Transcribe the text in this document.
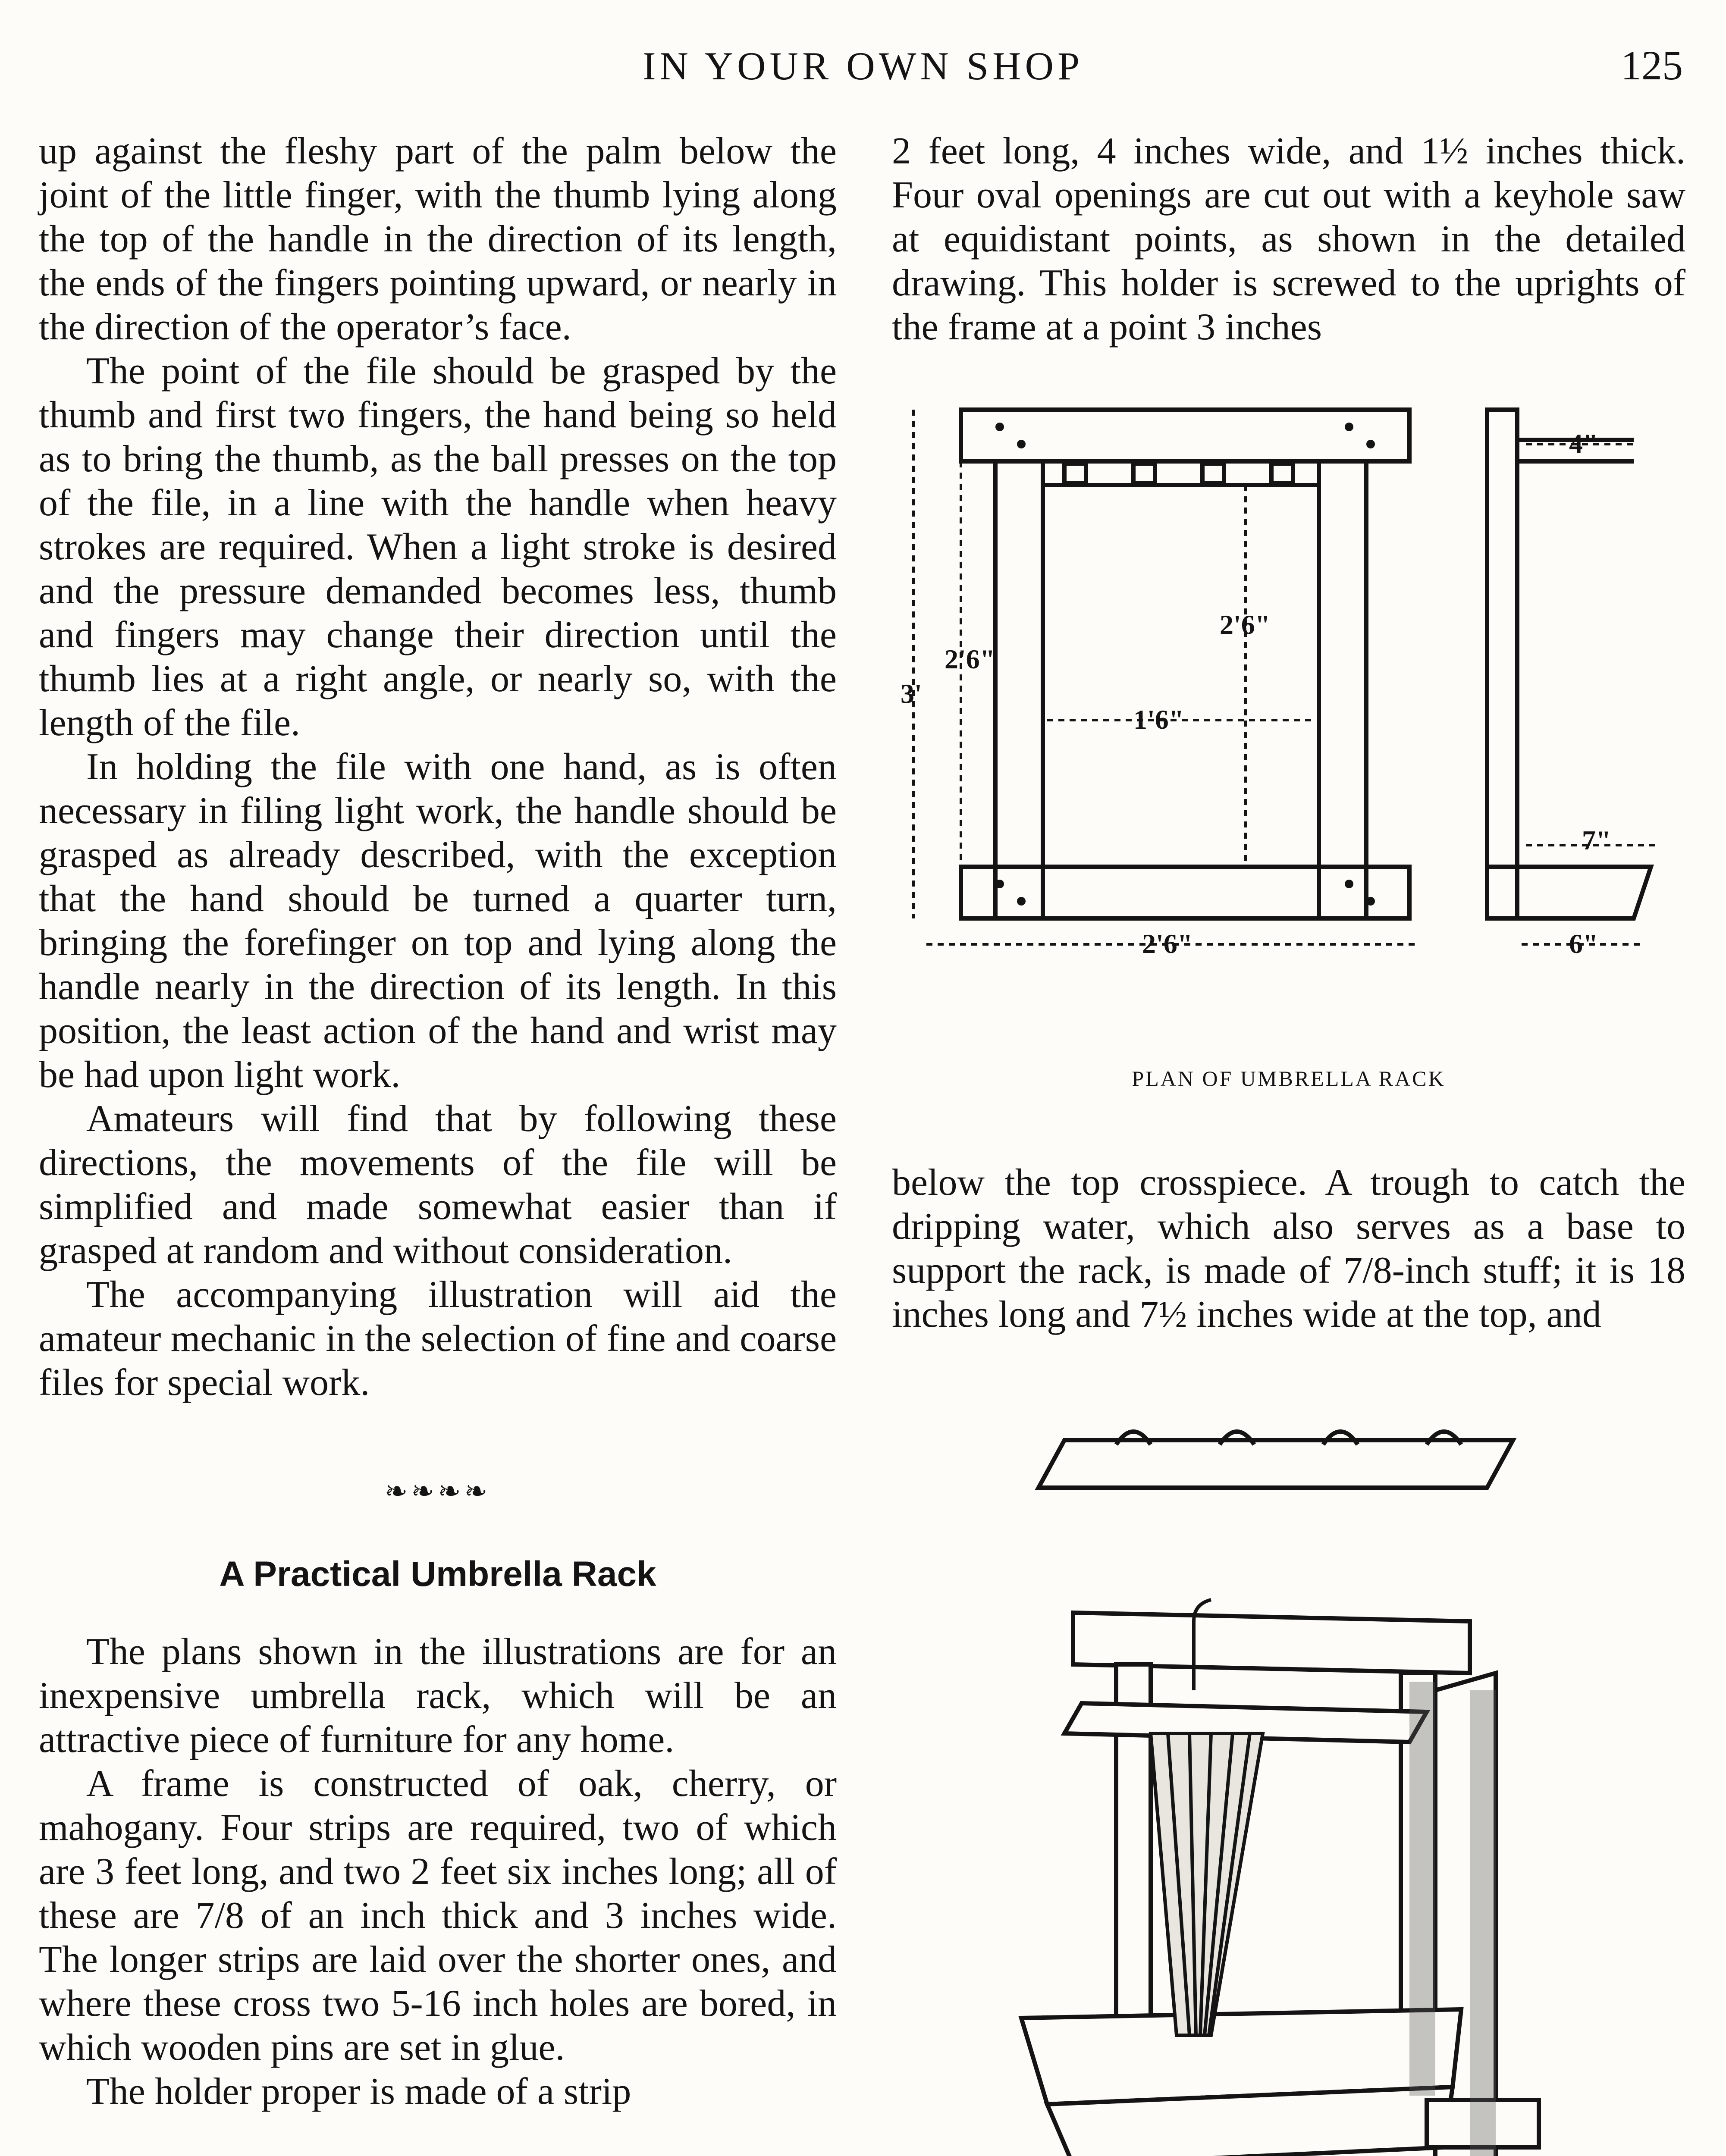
IN YOUR OWN SHOP	125

up against the fleshy part of the palm below the joint of the little finger, with the thumb lying along the top of the handle in the direction of its length, the ends of the fingers pointing upward, or nearly in the direction of the operator’s face.

The point of the file should be grasped by the thumb and first two fingers, the hand being so held as to bring the thumb, as the ball presses on the top of the file, in a line with the handle when heavy strokes are required. When a light stroke is desired and the pressure demanded becomes less, thumb and fingers may change their direction until the thumb lies at a right angle, or nearly so, with the length of the file.

In holding the file with one hand, as is often necessary in filing light work, the handle should be grasped as already described, with the exception that the hand should be turned a quarter turn, bringing the forefinger on top and lying along the handle nearly in the direction of its length. In this position, the least action of the hand and wrist may be had upon light work.

Amateurs will find that by following these directions, the movements of the file will be simplified and made somewhat easier than if grasped at random and without consideration.

The accompanying illustration will aid the amateur mechanic in the selection of fine and coarse files for special work.

❧❧❧❧
A Practical Umbrella Rack

The plans shown in the illustrations are for an inexpensive umbrella rack, which will be an attractive piece of furniture for any home.

A frame is constructed of oak, cherry, or mahogany. Four strips are required, two of which are 3 feet long, and two 2 feet six inches long; all of these are 7/8 of an inch thick and 3 inches wide. The longer strips are laid over the shorter ones, and where these cross two 5-16 inch holes are bored, in which wooden pins are set in glue.

The holder proper is made of a strip

2 feet long, 4 inches wide, and 1½ inches thick. Four oval openings are cut out with a keyhole saw at equidistant points, as shown in the detailed drawing. This holder is screwed to the uprights of the frame at a point 3 inches

3'
2'6"
2'6"
1'6"
2'6"
4"
7"
6"
PLAN OF UMBRELLA RACK

below the top crosspiece. A trough to catch the dripping water, which also serves as a base to support the rack, is made of 7/8-inch stuff; it is 18 inches long and 7½ inches wide at the top, and
